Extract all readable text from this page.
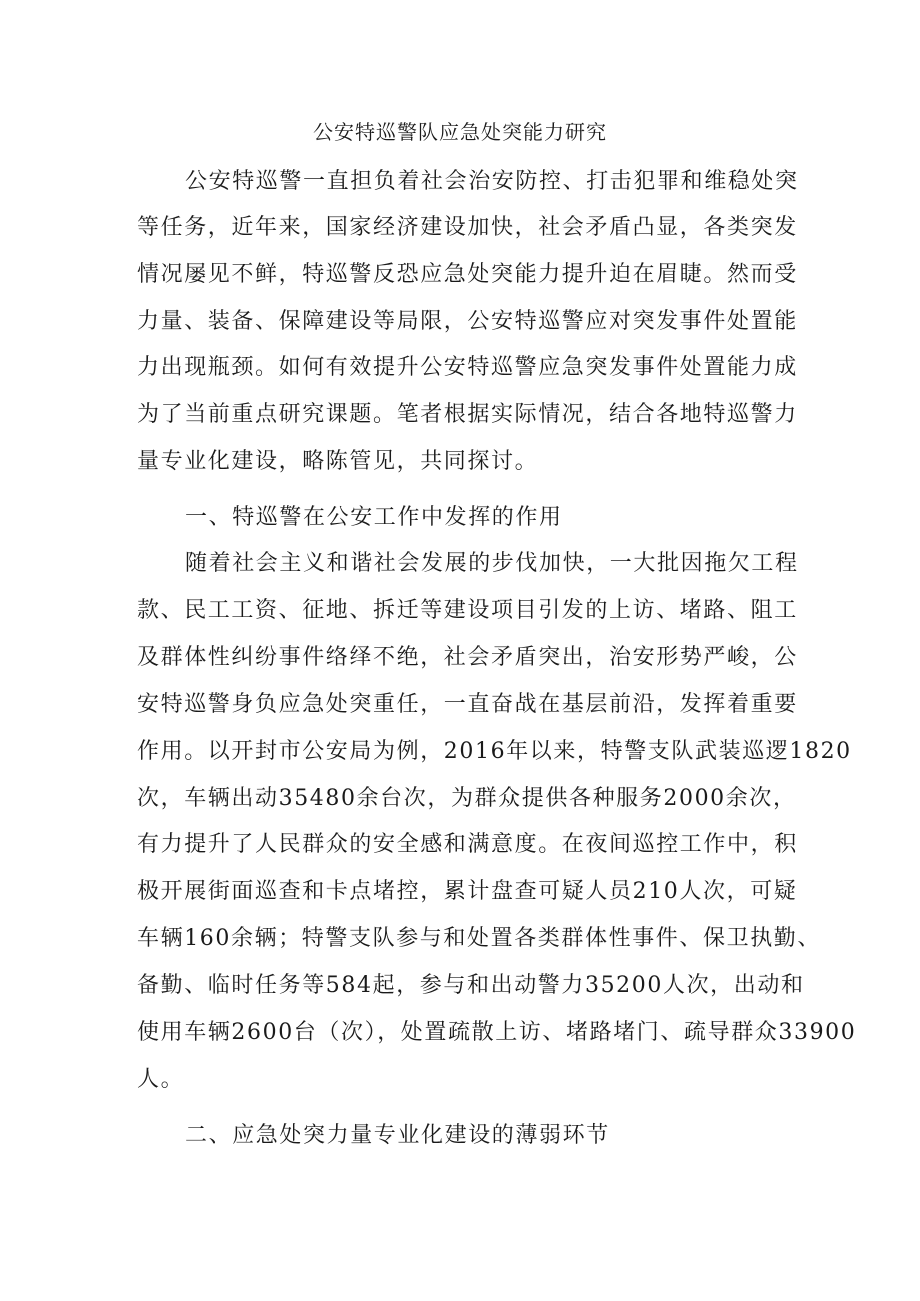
公安特巡警队应急处突能力研究
公安特巡警一直担负着社会治安防控、打击犯罪和维稳处突
等任务，近年来，国家经济建设加快，社会矛盾凸显，各类突发
情况屡见不鲜，特巡警反恐应急处突能力提升迫在眉睫。然而受
力量、装备、保障建设等局限，公安特巡警应对突发事件处置能
力出现瓶颈。如何有效提升公安特巡警应急突发事件处置能力成
为了当前重点研究课题。笔者根据实际情况，结合各地特巡警力
量专业化建设，略陈管见，共同探讨。
一、特巡警在公安工作中发挥的作用
随着社会主义和谐社会发展的步伐加快，一大批因拖欠工程
款、民工工资、征地、拆迁等建设项目引发的上访、堵路、阻工
及群体性纠纷事件络绎不绝，社会矛盾突出，治安形势严峻，公
安特巡警身负应急处突重任，一直奋战在基层前沿，发挥着重要
作用。以开封市公安局为例，2016年以来，特警支队武装巡逻1820
次，车辆出动35480余台次，为群众提供各种服务2000余次，
有力提升了人民群众的安全感和满意度。在夜间巡控工作中，积
极开展街面巡查和卡点堵控，累计盘查可疑人员210人次，可疑
车辆160余辆；特警支队参与和处置各类群体性事件、保卫执勤、
备勤、临时任务等584起，参与和出动警力35200人次，出动和
使用车辆2600台（次），处置疏散上访、堵路堵门、疏导群众33900
人。
二、应急处突力量专业化建设的薄弱环节
